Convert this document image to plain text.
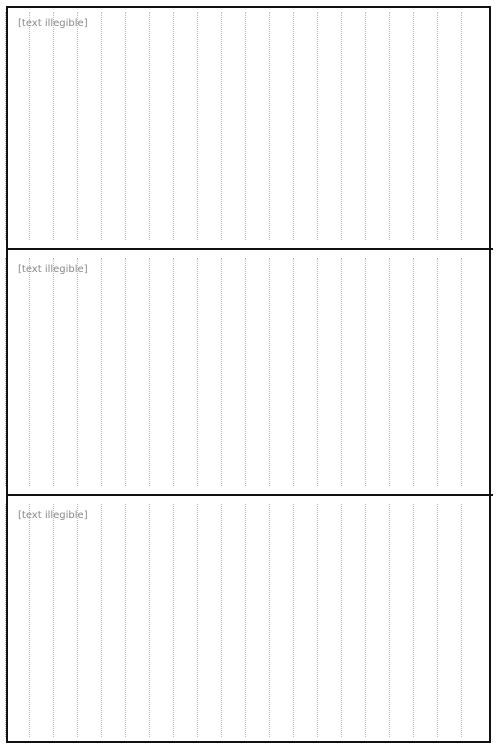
[text illegible]
[text illegible]
[text illegible]
